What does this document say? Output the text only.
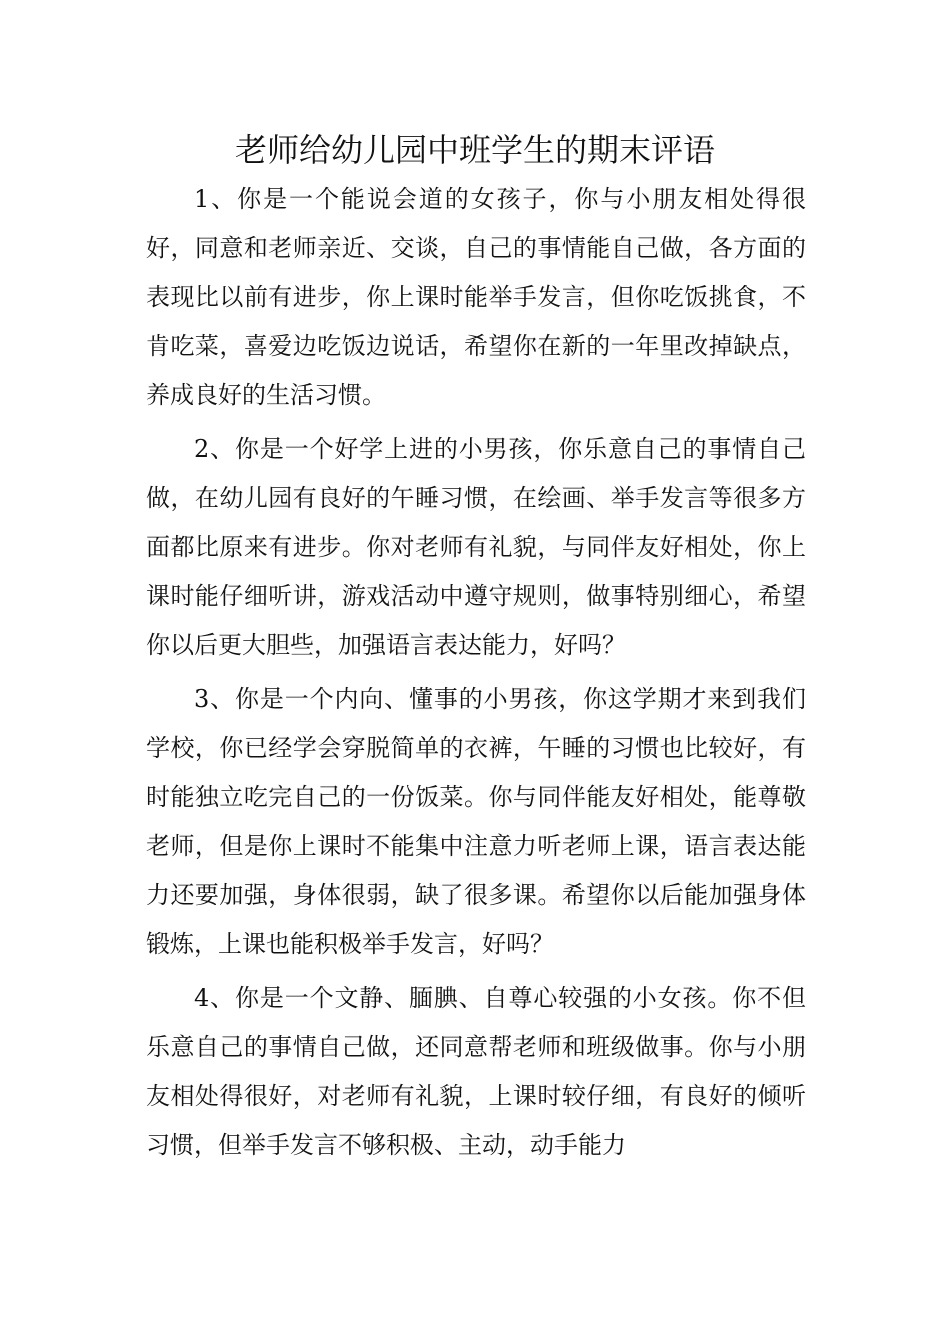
老师给幼儿园中班学生的期末评语

1、你是一个能说会道的女孩子，你与小朋友相处得很好，同意和老师亲近、交谈，自己的事情能自己做，各方面的表现比以前有进步，你上课时能举手发言，但你吃饭挑食，不肯吃菜，喜爱边吃饭边说话，希望你在新的一年里改掉缺点，养成良好的生活习惯。

2、你是一个好学上进的小男孩，你乐意自己的事情自己做，在幼儿园有良好的午睡习惯，在绘画、举手发言等很多方面都比原来有进步。你对老师有礼貌，与同伴友好相处，你上课时能仔细听讲，游戏活动中遵守规则，做事特别细心，希望你以后更大胆些，加强语言表达能力，好吗？

3、你是一个内向、懂事的小男孩，你这学期才来到我们学校，你已经学会穿脱简单的衣裤，午睡的习惯也比较好，有时能独立吃完自己的一份饭菜。你与同伴能友好相处，能尊敬老师，但是你上课时不能集中注意力听老师上课，语言表达能力还要加强，身体很弱，缺了很多课。希望你以后能加强身体锻炼，上课也能积极举手发言，好吗？

4、你是一个文静、腼腆、自尊心较强的小女孩。你不但乐意自己的事情自己做，还同意帮老师和班级做事。你与小朋友相处得很好，对老师有礼貌，上课时较仔细，有良好的倾听习惯，但举手发言不够积极、主动，动手能力
